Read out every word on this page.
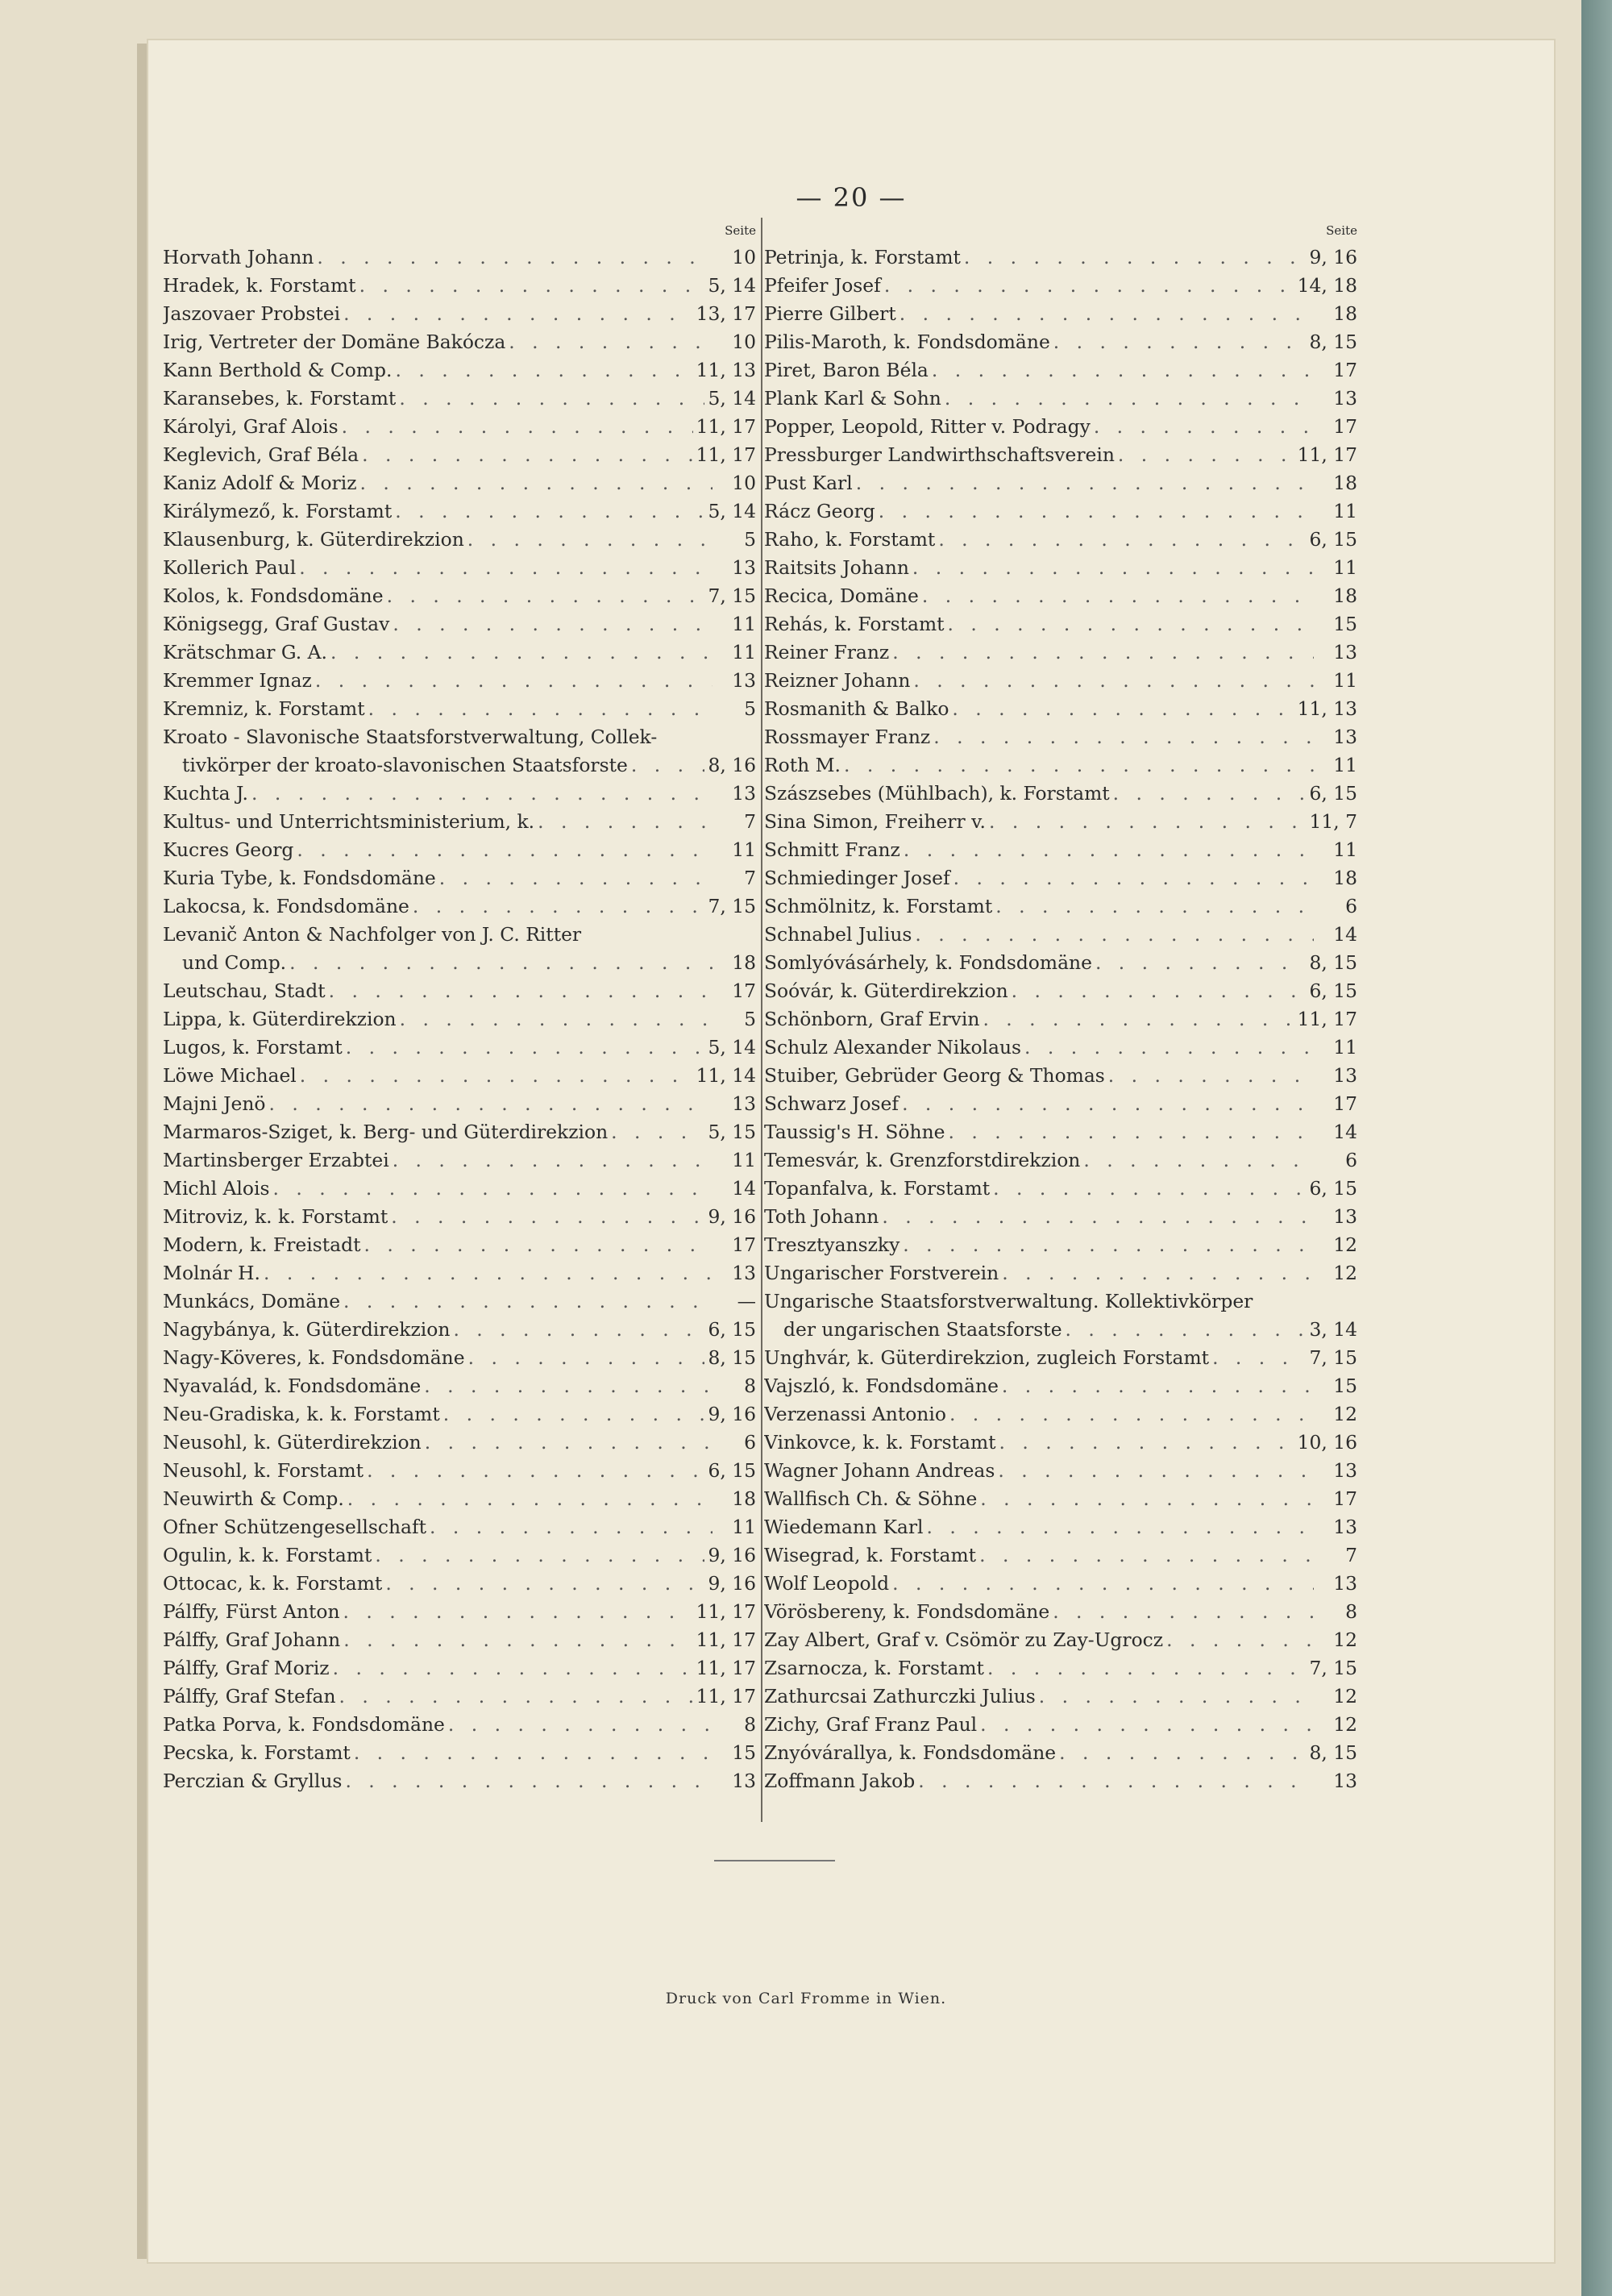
— 20 —
Seite
Horvath Johann . . .	10
Hradek, k. Forstamt . . .	5, 14
Jaszovaer Probstei . . .	13, 17
Irig, Vertreter der Domäne Bakócza . . .	10
Kann Berthold & Comp. . . .	11, 13
Karansebes, k. Forstamt . . .	5, 14
Károlyi, Graf Alois . . .	11, 17
Keglevich, Graf Béla . . .	11, 17
Kaniz Adolf & Moriz . . .	10
Királymező, k. Forstamt . . .	5, 14
Klausenburg, k. Güterdirekzion . . .	5
Kollerich Paul . . .	13
Kolos, k. Fondsdomäne . . .	7, 15
Königsegg, Graf Gustav . . .	11
Krätschmar G. A. . . .	11
Kremmer Ignaz . . .	13
Kremniz, k. Forstamt . . .	5
Kroato - Slavonische Staatsforstverwaltung, Collek-
tivkörper der kroato-slavonischen Staatsforste . . .	8, 16
Kuchta J. . . .	13
Kultus- und Unterrichtsministerium, k. . . .	7
Kucres Georg . . .	11
Kuria Tybe, k. Fondsdomäne . . .	7
Lakocsa, k. Fondsdomäne . . .	7, 15
Levanič Anton & Nachfolger von J. C. Ritter
und Comp. . . .	18
Leutschau, Stadt . . .	17
Lippa, k. Güterdirekzion . . .	5
Lugos, k. Forstamt . . .	5, 14
Löwe Michael . . .	11, 14
Majni Jenö . . .	13
Marmaros-Sziget, k. Berg- und Güterdirekzion . . .	5, 15
Martinsberger Erzabtei . . .	11
Michl Alois . . .	14
Mitroviz, k. k. Forstamt . . .	9, 16
Modern, k. Freistadt . . .	17
Molnár H. . . .	13
Munkács, Domäne . . .	—
Nagybánya, k. Güterdirekzion . . .	6, 15
Nagy-Köveres, k. Fondsdomäne . . .	8, 15
Nyavalád, k. Fondsdomäne . . .	8
Neu-Gradiska, k. k. Forstamt . . .	9, 16
Neusohl, k. Güterdirekzion . . .	6
Neusohl, k. Forstamt . . .	6, 15
Neuwirth & Comp. . . .	18
Ofner Schützengesellschaft . . .	11
Ogulin, k. k. Forstamt . . .	9, 16
Ottocac, k. k. Forstamt . . .	9, 16
Pálffy, Fürst Anton . . .	11, 17
Pálffy, Graf Johann . . .	11, 17
Pálffy, Graf Moriz . . .	11, 17
Pálffy, Graf Stefan . . .	11, 17
Patka Porva, k. Fondsdomäne . . .	8
Pecska, k. Forstamt . . .	15
Perczian & Gryllus . . .	13
Seite
Petrinja, k. Forstamt . . .	9, 16
Pfeifer Josef . . .	14, 18
Pierre Gilbert . . .	18
Pilis-Maroth, k. Fondsdomäne . . .	8, 15
Piret, Baron Béla . . .	17
Plank Karl & Sohn . . .	13
Popper, Leopold, Ritter v. Podragy . . .	17
Pressburger Landwirthschaftsverein . . .	11, 17
Pust Karl . . .	18
Rácz Georg . . .	11
Raho, k. Forstamt . . .	6, 15
Raitsits Johann . . .	11
Recica, Domäne . . .	18
Rehás, k. Forstamt . . .	15
Reiner Franz . . .	13
Reizner Johann . . .	11
Rosmanith & Balko . . .	11, 13
Rossmayer Franz . . .	13
Roth M. . . .	11
Szászsebes (Mühlbach), k. Forstamt . . .	6, 15
Sina Simon, Freiherr v. . . .	11, 7
Schmitt Franz . . .	11
Schmiedinger Josef . . .	18
Schmölnitz, k. Forstamt . . .	6
Schnabel Julius . . .	14
Somlyóvásárhely, k. Fondsdomäne . . .	8, 15
Soóvár, k. Güterdirekzion . . .	6, 15
Schönborn, Graf Ervin . . .	11, 17
Schulz Alexander Nikolaus . . .	11
Stuiber, Gebrüder Georg & Thomas . . .	13
Schwarz Josef . . .	17
Taussig's H. Söhne . . .	14
Temesvár, k. Grenzforstdirekzion . . .	6
Topanfalva, k. Forstamt . . .	6, 15
Toth Johann . . .	13
Tresztyanszky . . .	12
Ungarischer Forstverein . . .	12
Ungarische Staatsforstverwaltung. Kollektivkörper
der ungarischen Staatsforste . . .	3, 14
Unghvár, k. Güterdirekzion, zugleich Forstamt . . .	7, 15
Vajszló, k. Fondsdomäne . . .	15
Verzenassi Antonio . . .	12
Vinkovce, k. k. Forstamt . . .	10, 16
Wagner Johann Andreas . . .	13
Wallfisch Ch. & Söhne . . .	17
Wiedemann Karl . . .	13
Wisegrad, k. Forstamt . . .	7
Wolf Leopold . . .	13
Vörösbereny, k. Fondsdomäne . . .	8
Zay Albert, Graf v. Csömör zu Zay-Ugrocz . . .	12
Zsarnocza, k. Forstamt . . .	7, 15
Zathurcsai Zathurczki Julius . . .	12
Zichy, Graf Franz Paul . . .	12
Znyóvárallya, k. Fondsdomäne . . .	8, 15
Zoffmann Jakob . . .	13
Druck von Carl Fromme in Wien.
